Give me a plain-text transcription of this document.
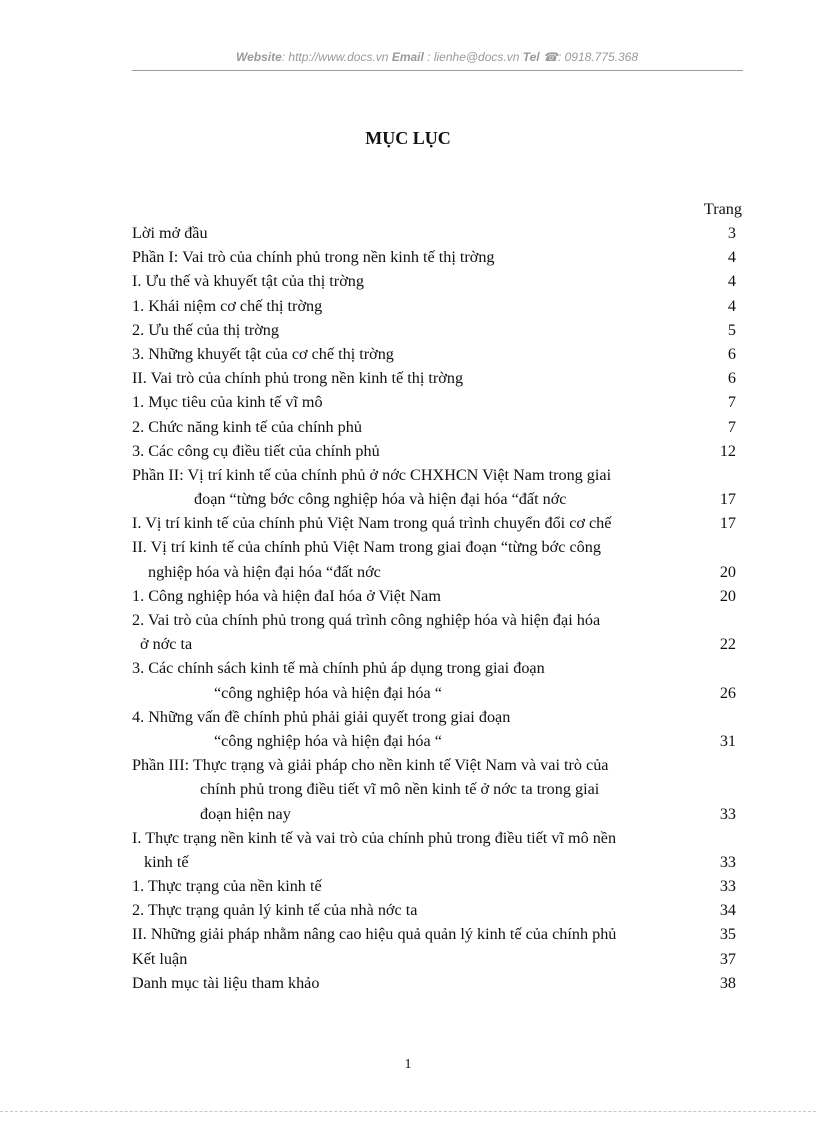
Website: http://www.docs.vn Email : lienhe@docs.vn Tel ☎: 0918.775.368
MỤC LỤC
Trang
Lời mở đầu	3
Phần I: Vai trò của chính phủ trong nền kinh tế thị trờng	4
I. Ưu thế và khuyết tật của thị trờng	4
1. Khái niệm cơ chế thị trờng	4
2. Ưu thế của thị trờng	5
3. Những khuyết tật của cơ chế thị trờng	6
II. Vai trò của chính phủ trong nền kinh tế thị trờng	6
1. Mục tiêu của kinh tế vĩ mô	7
2. Chức năng kinh tế của chính phủ	7
3. Các công cụ điều tiết của chính phủ	12
Phần II: Vị trí kinh tế của chính phủ ở nớc CHXHCN Việt Nam trong giai
đoạn “từng bớc công nghiệp hóa và hiện đại hóa “đất nớc	17
I. Vị trí kinh tế của chính phủ Việt Nam trong quá trình chuyển đổi cơ chế	17
II. Vị trí kinh tế của chính phủ Việt Nam trong giai đoạn “từng bớc công
nghiệp hóa và hiện đại hóa “đất nớc	20
1. Công nghiệp hóa và hiện đaI hóa ở Việt Nam	20
2. Vai trò của chính phủ trong quá trình công nghiệp hóa và hiện đại hóa
ở nớc ta	22
3. Các chính sách kinh tế mà chính phủ áp dụng trong giai đoạn
“công nghiệp hóa và hiện đại hóa “	26
4. Những vấn đề chính phủ phải giải quyết trong giai đoạn
“công nghiệp hóa và hiện đại hóa “	31
Phần III: Thực trạng và giải pháp cho nền kinh tế Việt Nam và vai trò của
chính phủ trong điều tiết vĩ mô nền kinh tế ở nớc ta trong giai
đoạn hiện nay	33
I. Thực trạng nền kinh tế và vai trò của chính phủ trong điều tiết vĩ mô nền
kinh tế	33
1. Thực trạng của nền kinh tế	33
2. Thực trạng quản lý kinh tế của nhà nớc ta	34
II. Những giải pháp nhằm nâng cao hiệu quả quản lý kinh tế của chính phủ	35
Kết luận	37
Danh mục tài liệu tham khảo	38
1
